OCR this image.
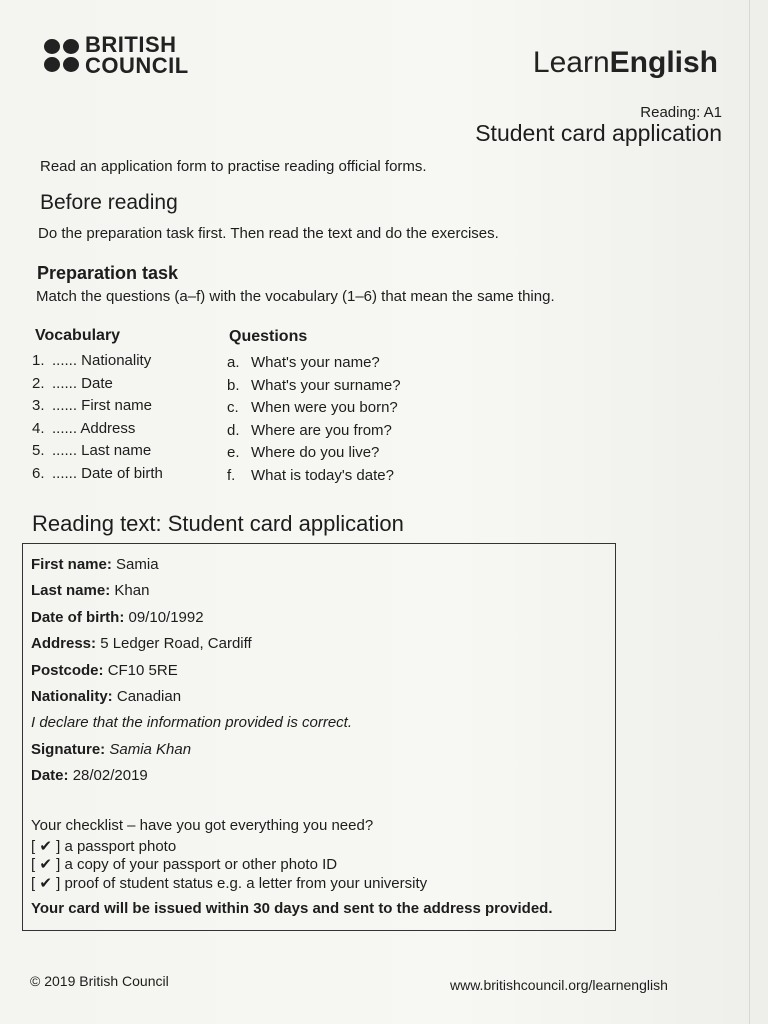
BRITISH
COUNCIL	LearnEnglish
Reading: A1
Student card application
Read an application form to practise reading official forms.
Before reading
Do the preparation task first. Then read the text and do the exercises.
Preparation task
Match the questions (a–f) with the vocabulary (1–6) that mean the same thing.
Vocabulary	Questions
1. ...... Nationality
2. ...... Date
3. ...... First name
4. ...... Address
5. ...... Last name
6. ...... Date of birth
a. What's your name?
b. What's your surname?
c. When were you born?
d. Where are you from?
e. Where do you live?
f. What is today's date?
Reading text: Student card application
First name: Samia
Last name: Khan
Date of birth: 09/10/1992
Address: 5 Ledger Road, Cardiff
Postcode: CF10 5RE
Nationality: Canadian
I declare that the information provided is correct.
Signature: Samia Khan
Date: 28/02/2019
Your checklist – have you got everything you need?
[ ✔ ] a passport photo
[ ✔ ] a copy of your passport or other photo ID
[ ✔ ] proof of student status e.g. a letter from your university
Your card will be issued within 30 days and sent to the address provided.
© 2019 British Council	www.britishcouncil.org/learnenglish
